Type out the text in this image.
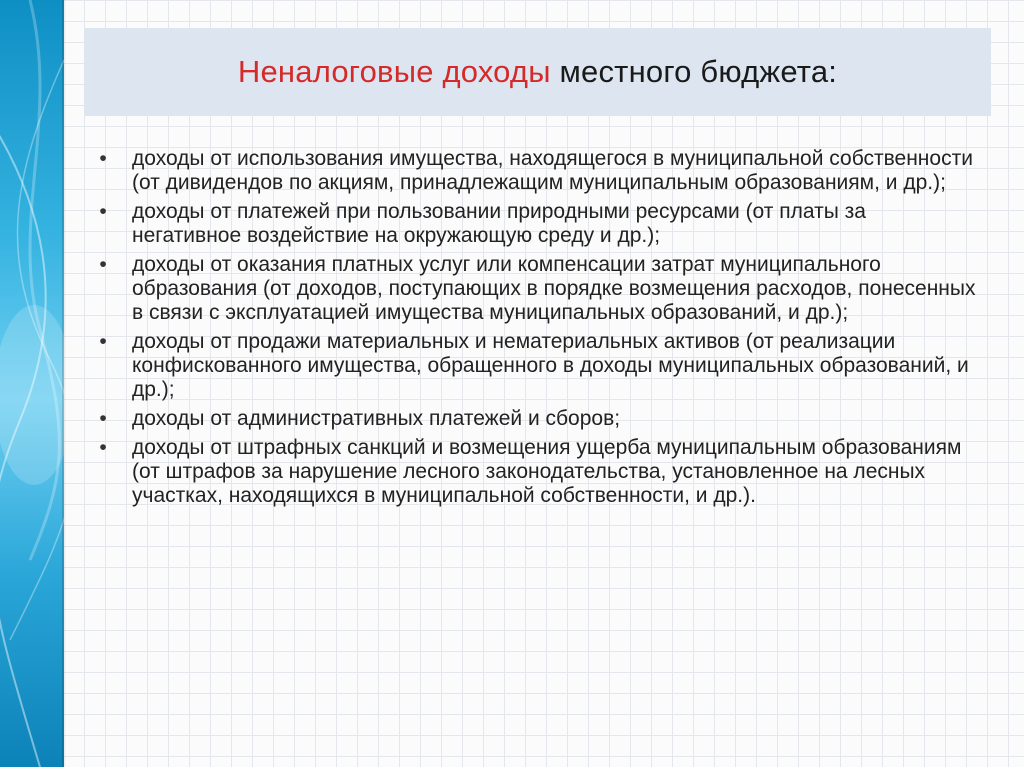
Неналоговые доходы местного бюджета:
• доходы от использования имущества, находящегося в муниципальной собственности (от дивидендов по акциям, принадлежащим муниципальным образованиям, и др.);
• доходы от платежей при пользовании природными ресурсами (от платы за негативное воздействие на окружающую среду и др.);
• доходы от оказания платных услуг или компенсации затрат муниципального образования (от доходов, поступающих в порядке возмещения расходов, понесенных в связи с эксплуатацией имущества муниципальных образований, и др.);
• доходы от продажи материальных и нематериальных активов (от реализации конфискованного имущества, обращенного в доходы муниципальных образований, и др.);
• доходы от административных платежей и сборов;
• доходы от штрафных санкций и возмещения ущерба муниципальным образованиям (от штрафов за нарушение лесного законодательства, установленное на лесных участках, находящихся в муниципальной собственности, и др.).
